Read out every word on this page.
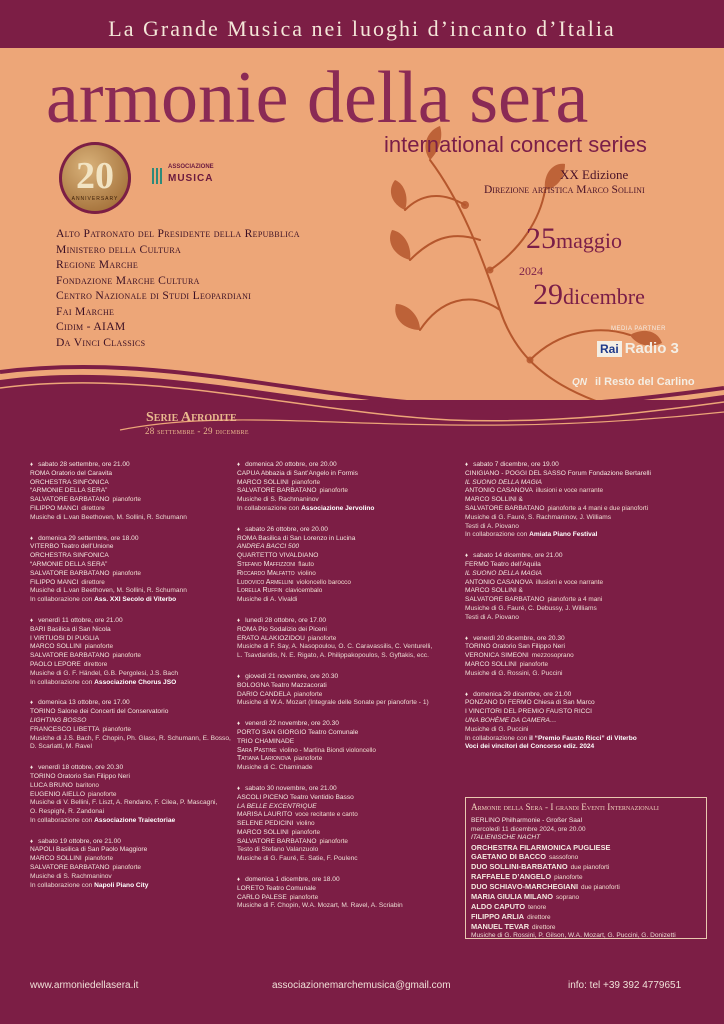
La Grande Musica nei luoghi d’incanto d’Italia
armonie della sera
international concert series
XX Edizione
Direzione artistica Marco Sollini
20
ANNIVERSARY
ASSOCIAZIONE
MUSICA
Alto Patronato del Presidente della Repubblica
Ministero della Cultura
Regione Marche
Fondazione Marche Cultura
Centro Nazionale di Studi Leopardiani
Fai Marche
Cidim - AIAM
Da Vinci Classics
25maggio
2024
29dicembre
MEDIA PARTNER
Rai Radio 3
QN il Resto del Carlino
Serie Afrodite
28 settembre - 29 dicembre
♦ sabato 28 settembre, ore 21.00
ROMA Oratorio del Caravita
ORCHESTRA SINFONICA
“ARMONIE DELLA SERA”
SALVATORE BARBATANO pianoforte
FILIPPO MANCI direttore
Musiche di L.van Beethoven, M. Sollini, R. Schumann
♦ domenica 29 settembre, ore 18.00
VITERBO Teatro dell’Unione
ORCHESTRA SINFONICA
“ARMONIE DELLA SERA”
SALVATORE BARBATANO pianoforte
FILIPPO MANCI direttore
Musiche di L.van Beethoven, M. Sollini, R. Schumann
In collaborazione con Ass. XXI Secolo di Viterbo
♦ venerdì 11 ottobre, ore 21.00
BARI Basilica di San Nicola
I VIRTUOSI DI PUGLIA
MARCO SOLLINI pianoforte
SALVATORE BARBATANO pianoforte
PAOLO LEPORE direttore
Musiche di G. F. Händel, G.B. Pergolesi, J.S. Bach
In collaborazione con Associazione Chorus JSO
♦ domenica 13 ottobre, ore 17.00
TORINO Salone dei Concerti del Conservatorio
LIGHTING BOSSO
FRANCESCO LIBETTA pianoforte
Musiche di J.S. Bach, F. Chopin, Ph. Glass, R. Schumann, E. Bosso,
D. Scarlatti, M. Ravel
♦ venerdì 18 ottobre, ore 20.30
TORINO Oratorio San Filippo Neri
LUCA BRUNO baritono
EUGENIO AIELLO pianoforte
Musiche di V. Bellini, F. Liszt, A. Rendano, F. Cilea, P. Mascagni,
O. Respighi, R. Zandonai
In collaborazione con Associazione Traiectoriae
♦ sabato 19 ottobre, ore 21.00
NAPOLI Basilica di San Paolo Maggiore
MARCO SOLLINI pianoforte
SALVATORE BARBATANO pianoforte
Musiche di S. Rachmaninov
In collaborazione con Napoli Piano City
♦ domenica 20 ottobre, ore 20.00
CAPUA Abbazia di Sant’Angelo in Formis
MARCO SOLLINI pianoforte
SALVATORE BARBATANO pianoforte
Musiche di S. Rachmaninov
In collaborazione con Associazione Jervolino
♦ sabato 26 ottobre, ore 20.00
ROMA Basilica di San Lorenzo in Lucina
ANDREA BACCI 500
QUARTETTO VIVALDIANO
Stefano Maffizzoni flauto
Riccardo Malfatto violino
Ludovico Armellini violoncello barocco
Lorella Ruffin clavicembalo
Musiche di A. Vivaldi
♦ lunedì 28 ottobre, ore 17.00
ROMA Pio Sodalizio dei Piceni
ERATO ALAKIOZIDOU pianoforte
Musiche di F. Say, A. Nasopoulou, O. C. Caravassilis, C. Venturelli,
L. Tsavdaridis, N. E. Rigato, A. Philippakopoulos, S. Gyftakis, ecc.
♦ giovedì 21 novembre, ore 20.30
BOLOGNA Teatro Mazzacorati
DARIO CANDELA pianoforte
Musiche di W.A. Mozart (Integrale delle Sonate per pianoforte - 1)
♦ venerdì 22 novembre, ore 20.30
PORTO SAN GIORGIO Teatro Comunale
TRIO CHAMINADE
Sara Pastine violino - Martina Biondi violoncello
Tatiana Larionova pianoforte
Musiche di C. Chaminade
♦ sabato 30 novembre, ore 21.00
ASCOLI PICENO Teatro Ventidio Basso
LA BELLE EXCENTRIQUE
MARISA LAURITO voce recitante e canto
SELENE PEDICINI violino
MARCO SOLLINI pianoforte
SALVATORE BARBATANO pianoforte
Testo di Stefano Valanzuolo
Musiche di G. Fauré, E. Satie, F. Poulenc
♦ domenica 1 dicembre, ore 18.00
LORETO Teatro Comunale
CARLO PALESE pianoforte
Musiche di F. Chopin, W.A. Mozart, M. Ravel, A. Scriabin
♦ sabato 7 dicembre, ore 19.00
CINIGIANO - POGGI DEL SASSO Forum Fondazione Bertarelli
IL SUONO DELLA MAGIA
ANTONIO CASANOVA illusioni e voce narrante
MARCO SOLLINI &
SALVATORE BARBATANO pianoforte a 4 mani e due pianoforti
Musiche di G. Fauré, S. Rachmaninov, J. Williams
Testi di A. Piovano
In collaborazione con Amiata Piano Festival
♦ sabato 14 dicembre, ore 21.00
FERMO Teatro dell’Aquila
IL SUONO DELLA MAGIA
ANTONIO CASANOVA illusioni e voce narrante
MARCO SOLLINI &
SALVATORE BARBATANO pianoforte a 4 mani
Musiche di G. Fauré, C. Debussy, J. Williams
Testi di A. Piovano
♦ venerdì 20 dicembre, ore 20.30
TORINO Oratorio San Filippo Neri
VERONICA SIMEONI mezzosoprano
MARCO SOLLINI pianoforte
Musiche di G. Rossini, G. Puccini
♦ domenica 29 dicembre, ore 21.00
PONZANO DI FERMO Chiesa di San Marco
I VINCITORI DEL PREMIO FAUSTO RICCI
UNA BOHÈME DA CAMERA…
Musiche di G. Puccini
In collaborazione con il “Premio Fausto Ricci” di Viterbo
Voci dei vincitori del Concorso ediz. 2024
Armonie della Sera - I grandi Eventi Internazionali
BERLINO Philharmonie - Großer Saal
mercoledì 11 dicembre 2024, ore 20.00
ITALIENISCHE NACHT
ORCHESTRA FILARMONICA PUGLIESE
GAETANO DI BACCO sassofono
DUO SOLLINI-BARBATANO due pianoforti
RAFFAELE D’ANGELO pianoforte
DUO SCHIAVO-MARCHEGIANI due pianoforti
MARIA GIULIA MILANO soprano
ALDO CAPUTO tenore
FILIPPO ARLIA direttore
MANUEL TEVAR direttore
Musiche di G. Rossini, P. Gilson, W.A. Mozart, G. Puccini, G. Donizetti
www.armoniedellasera.it	associazionemarchemusica@gmail.com	info: tel +39 392 4779651
